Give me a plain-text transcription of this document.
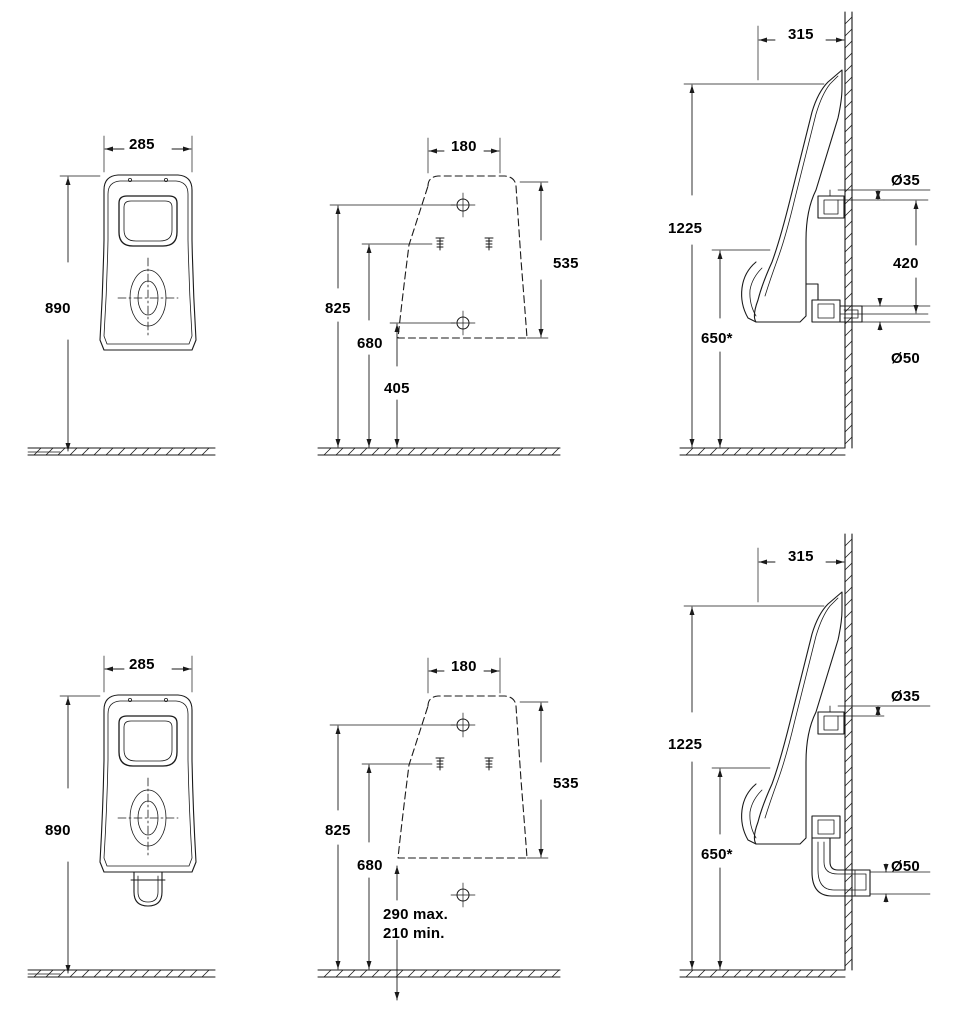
285
890
180
535
825
680
405
315
Ø35
420
Ø50
1225
650*
285
890
180
535
825
680
290 max.
210 min.
315
Ø35
Ø50
1225
650*
